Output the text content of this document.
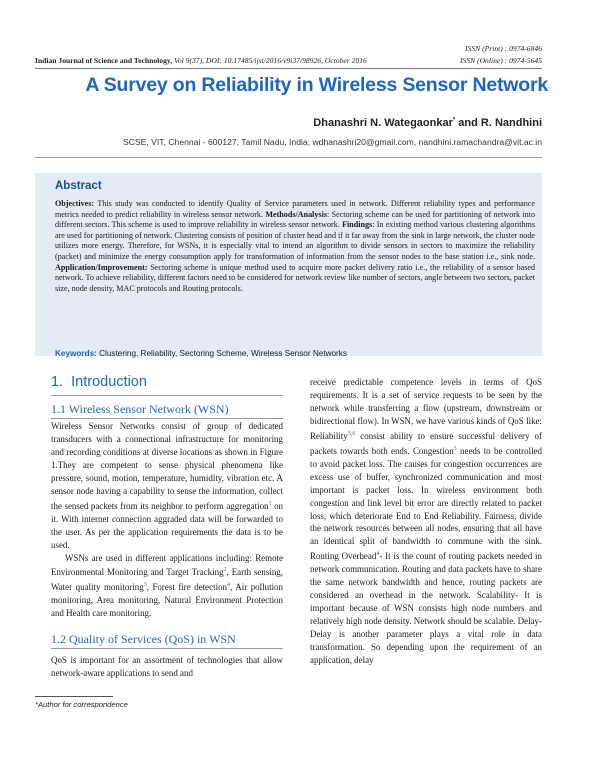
Indian Journal of Science and Technology, Vol 9(37), DOI: 10.17485/ijst/2016/v9i37/98926, October 2016
ISSN (Print) : 0974-6846
ISSN (Online) : 0974-5645
A Survey on Reliability in Wireless Sensor Network
Dhanashri N. Wategaonkar* and R. Nandhini
SCSE, VIT, Chennai - 600127, Tamil Nadu, India; wdhanashri20@gmail.com, nandhini.ramachandra@vit.ac.in
Abstract
Objectives: This study was conducted to identify Quality of Service parameters used in network. Different reliability types and performance metrics needed to predict reliability in wireless sensor network. Methods/Analysis: Sectoring scheme can be used for partitioning of network into different sectors. This scheme is used to improve reliability in wireless sensor network. Findings: In existing method various clustering algorithms are used for partitioning of network. Clustering consists of position of cluster head and if it far away from the sink in large network, the cluster node utilizes more energy. Therefore, for WSNs, it is especially vital to intend an algorithm to divide sensors in sectors to maximize the reliability (packet) and minimize the energy consumption apply for transformation of information from the sensor nodes to the base station i.e., sink node. Application/Improvement: Sectoring scheme is unique method used to acquire more packet delivery ratio i.e., the reliability of a sensor based network. To achieve reliability, different factors need to be considered for network review like number of sectors, angle between two sectors, packet size, node density, MAC protocols and Routing protocols.
Keywords: Clustering, Reliability, Sectoring Scheme, Wireless Sensor Networks
1.  Introduction
1.1 Wireless Sensor Network (WSN)

Wireless Sensor Networks consist of group of dedicated transducers with a connectional infrastructure for monitoring and recording conditions at diverse locations as shown in Figure 1.They are competent to sense physical phenomena like pressure, sound, motion, temperature, humidity, vibration etc. A sensor node having a capability to sense the information, collect the sensed packets from its neighbor to perform aggregation$^1$ on it. With internet connection aggraded data will be forwarded to the user. As per the application requirements the data is to be used.

WSNs are used in different applications including: Remote Environmental Monitoring and Target Tracking$^2$, Earth sensing, Water quality monitoring$^3$, Forest fire detection$^4$, Air pollution monitoring, Area monitoring, Natural Environment Protection and Health care monitoring.

1.2 Quality of Services (QoS) in WSN

QoS is important for an assortment of technologies that allow network-aware applications to send and

receive predictable competence levels in terms of QoS requirements. It is a set of service requests to be seen by the network while transferring a flow (upstream, downstream or bidirectional flow). In WSN, we have various kinds of QoS like: Reliability$^{5,6}$ consist ability to ensure successful delivery of packets towards both ends. Congestion$^3$ needs to be controlled to avoid packet loss. The causes for congestion occurrences are excess use of buffer, synchronized communication and most important is packet loss. In wireless environment both congestion and link level bit error are directly related to packet loss, which deteriorate End to End Reliability. Fairness, divide the network resources between all nodes, ensuring that all have an identical split of bandwidth to commune with the sink. Routing Overhead$^4$- It is the count of routing packets needed in network communication. Routing and data packets have to share the same network bandwidth and hence, routing packets are considered an overhead in the network. Scalability- It is important because of WSN consists high node numbers and relatively high node density. Network should be scalable. Delay- Delay is another parameter plays a vital role in data transformation. So depending upon the requirement of an application, delay

*Author for correspondence
